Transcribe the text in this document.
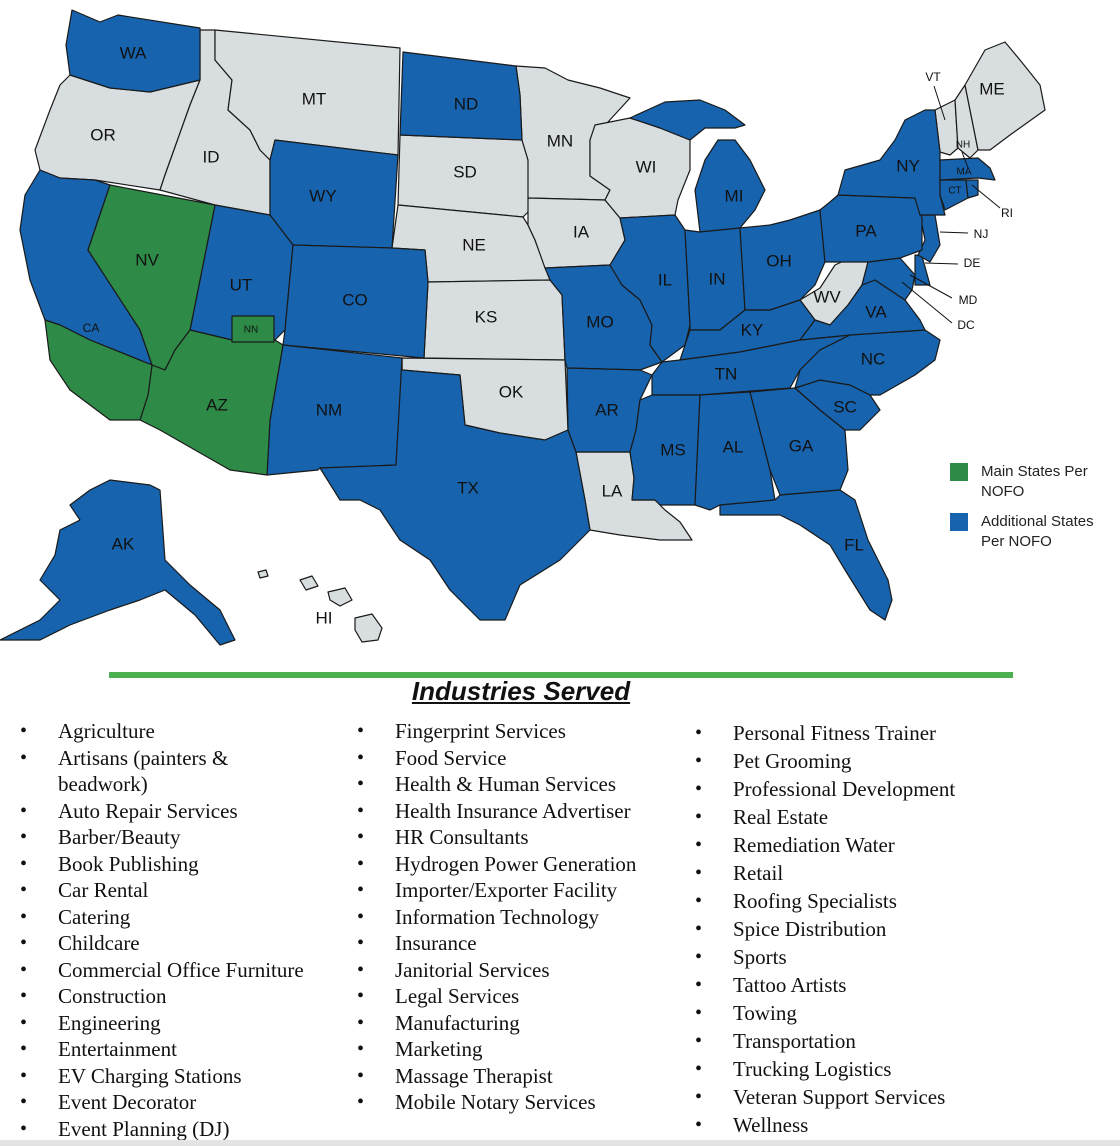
WA
OR
CA
NV
ID
MT
WY
UT
NN
AZ	NM
CO
ND
SD
NE
KS
OK
TX
MN
IA
MO
AR
LA
WI
IL
MI
IN
OH
KY
TN
MS AL	GA
FL
SC
NC
VA
WV
PA
NY
VT
NH
ME
MA
CT
RI
NJ
DE
MD
DC
AK
HI
Main States Per
NOFO
Additional States
Per NOFO
Industries Served
• Agriculture
• Artisans (painters &
beadwork)
• Auto Repair Services
• Barber/Beauty
• Book Publishing
• Car Rental
• Catering
• Childcare
• Commercial Office Furniture
• Construction
• Engineering
• Entertainment
• EV Charging Stations
• Event Decorator
• Event Planning (DJ)
• Fingerprint Services
• Food Service
• Health & Human Services
• Health Insurance Advertiser
• HR Consultants
• Hydrogen Power Generation
• Importer/Exporter Facility
• Information Technology
• Insurance
• Janitorial Services
• Legal Services
• Manufacturing
• Marketing
• Massage Therapist
• Mobile Notary Services
• Personal Fitness Trainer
• Pet Grooming
• Professional Development
• Real Estate
• Remediation Water
• Retail
• Roofing Specialists
• Spice Distribution
• Sports
• Tattoo Artists
• Towing
• Transportation
• Trucking Logistics
• Veteran Support Services
• Wellness
